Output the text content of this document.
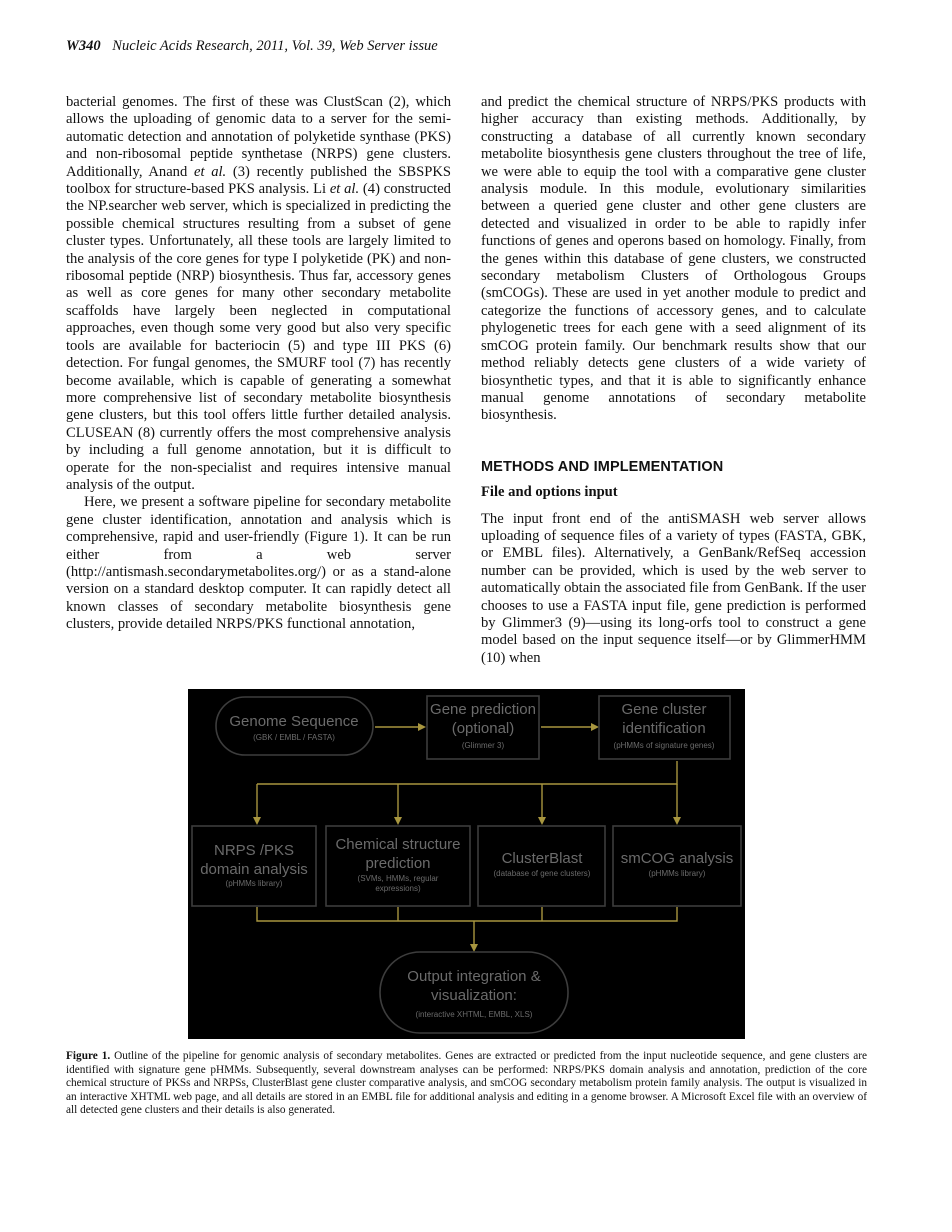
W340 Nucleic Acids Research, 2011, Vol. 39, Web Server issue

bacterial genomes. The first of these was ClustScan (2), which allows the uploading of genomic data to a server for the semi-automatic detection and annotation of polyketide synthase (PKS) and non-ribosomal peptide synthetase (NRPS) gene clusters. Additionally, Anand et al. (3) recently published the SBSPKS toolbox for structure-based PKS analysis. Li et al. (4) constructed the NP.searcher web server, which is specialized in predicting the possible chemical structures resulting from a subset of gene cluster types. Unfortunately, all these tools are largely limited to the analysis of the core genes for type I polyketide (PK) and non-ribosomal peptide (NRP) biosynthesis. Thus far, accessory genes as well as core genes for many other secondary metabolite scaffolds have largely been neglected in computational approaches, even though some very good but also very specific tools are available for bacteriocin (5) and type III PKS (6) detection. For fungal genomes, the SMURF tool (7) has recently become available, which is capable of generating a somewhat more comprehensive list of secondary metabolite biosynthesis gene clusters, but this tool offers little further detailed analysis. CLUSEAN (8) currently offers the most comprehensive analysis by including a full genome annotation, but it is difficult to operate for the non-specialist and requires intensive manual analysis of the output.

Here, we present a software pipeline for secondary metabolite gene cluster identification, annotation and analysis which is comprehensive, rapid and user-friendly (Figure 1). It can be run either from a web server (http://antismash.secondarymetabolites.org/) or as a stand-alone version on a standard desktop computer. It can rapidly detect all known classes of secondary metabolite biosynthesis gene clusters, provide detailed NRPS/PKS functional annotation,

and predict the chemical structure of NRPS/PKS products with higher accuracy than existing methods. Additionally, by constructing a database of all currently known secondary metabolite biosynthesis gene clusters throughout the tree of life, we were able to equip the tool with a comparative gene cluster analysis module. In this module, evolutionary similarities between a queried gene cluster and other gene clusters are detected and visualized in order to be able to rapidly infer functions of genes and operons based on homology. Finally, from the genes within this database of gene clusters, we constructed secondary metabolism Clusters of Orthologous Groups (smCOGs). These are used in yet another module to predict and categorize the functions of accessory genes, and to calculate phylogenetic trees for each gene with a seed alignment of its smCOG protein family. Our benchmark results show that our method reliably detects gene clusters of a wide variety of biosynthetic types, and that it is able to significantly enhance manual genome annotations of secondary metabolite biosynthesis.

METHODS AND IMPLEMENTATION

File and options input

The input front end of the antiSMASH web server allows uploading of sequence files of a variety of types (FASTA, GBK, or EMBL files). Alternatively, a GenBank/RefSeq accession number can be provided, which is used by the web server to automatically obtain the associated file from GenBank. If the user chooses to use a FASTA input file, gene prediction is performed by Glimmer3 (9)—using its long-orfs tool to construct a gene model based on the input sequence itself—or by GlimmerHMM (10) when

Genome Sequence
(GBK / EMBL / FASTA)
Gene prediction
(optional)
(Glimmer 3)
Gene cluster
identification
(pHMMs of signature genes)
NRPS /PKS
domain analysis
(pHMMs library)
Chemical structure
prediction
(SVMs, HMMs, regular
expressions)
ClusterBlast
(database of gene clusters)
smCOG analysis
(pHMMs library)
Output integration &
visualization:
(interactive XHTML, EMBL, XLS)
Figure 1. Outline of the pipeline for genomic analysis of secondary metabolites. Genes are extracted or predicted from the input nucleotide sequence, and gene clusters are identified with signature gene pHMMs. Subsequently, several downstream analyses can be performed: NRPS/PKS domain analysis and annotation, prediction of the core chemical structure of PKSs and NRPSs, ClusterBlast gene cluster comparative analysis, and smCOG secondary metabolism protein family analysis. The output is visualized in an interactive XHTML web page, and all details are stored in an EMBL file for additional analysis and editing in a genome browser. A Microsoft Excel file with an overview of all detected gene clusters and their details is also generated.
